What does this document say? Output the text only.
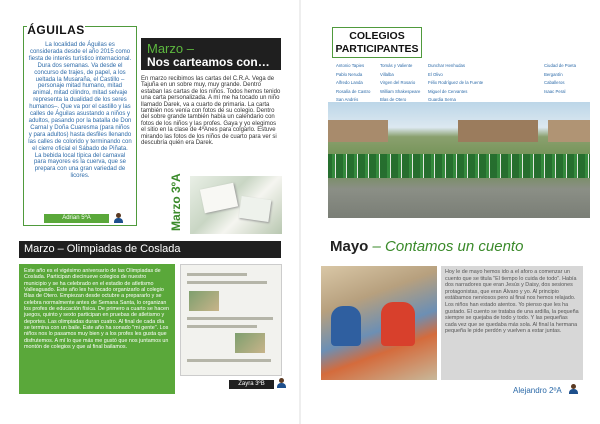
La localidad de Águilas es considerada desde el año 2015 como fiesta de interés turístico internacional. Dura dos semanas. Va desde el concurso de trajes, de papel, a los ueltada la Musaraña, el Castillo –personaje mitad humano, mitad animal, mitad cilindro, mitad selvaje representa la dualidad de los seres humanos–. Que va por el castillo y las calles de Águilas asustando a niños y adultos, pasando por la batalla de Don Carnal y Doña Cuaresma (para niños y para adultos) hasta desfiles llenando las calles de colorido y terminando con el cierre oficial el Sábado de Piñata. La bebida local típica del carnaval para mayores es la cuerva, que se prepara con una gran variedad de licores.

ÁGUILAS
Adrian 5ºA
Marzo –
Nos carteamos con…

En marzo recibimos las cartas del C.R.A. Vega de Tajuña en un sobre muy, muy grande. Dentro estaban las cartas de los niños. Todos hemos tenido una carta personalizada. A mí me ha tocado un niño llamado Darek, va a cuarto de primaria. La carta también nos venía con fotos de su colegio. Dentro del sobre grande también había un calendario con fotos de los niños y las profes. Gaya y yo elegimos el sitio en la clase de 4ºAnes para colgarlo. Estuve mirando las fotos de los niños de cuarto para ver si descubría quién era Darek.

Marzo 3ºA
Marzo – Olimpiadas de Coslada

Este año es el vigésimo aniversario de las Olimpiadas de Coslada. Participan diecinueve colegios de nuestro municipio y se ha celebrado en el estadio de atletismo Valleaguado. Este año les ha tocado organizarlo al colegio Blas de Otero. Empiezan desde octubre a prepararlo y se celebra normalmente antes de Semana Santa, lo organizan los profes de educación física. De primero a cuarto se hacen juegos, quinto y sexto participan en pruebas de atletismo y deportes. Las olimpiadas duran cuatro. Al final de cada día se termina con un baile. Este año ha sonado "mi gente". Los niños nos lo pasamos muy bien y a los profes les gusta que disfrutemos. A mí lo que más me gustó que nos juntamos un montón de colegios y que al final bailamos.

Zayra 3ºB
COLEGIOS
PARTICIPANTES
Antonio Tapies
Pablo Neruda
Alfredo Landa
Rosalía de Castro
San Andrés
Tomás y Valiente
Villalba
Virgen del Rosario
William Shakespeare
Blas de Otero
Dunchar Henhudas
El Olivo
Félix Rodríguez de la Fuente
Miguel de Cervantes
Guardia Serna
Ciudad de Poeta
Bergantín
Caballeros
Isaac Peral
Mayo – Contamos un cuento

Hoy le de mayo hemos ido a el aforo a comenzar un cuento que se titula "El tiempo lo cuida de todo". Había dos narradores que eran Jesús y Daisy, dos sesiones protagonistas, que eran Álvaro y yo. Al principio estábamos nerviosos pero al final nos hemos relajado. Los niños han estado atentos. Yo pienso que les ha gustado. El cuento se trataba de una ardilla, la pequeña siempre se quejaba de todo y todo. Y las pequeñas cada vez que se quedaba más sola. Al final la hermana pequeña le pide perdón y vuelven a estar juntas.

Alejandro 2ºA
